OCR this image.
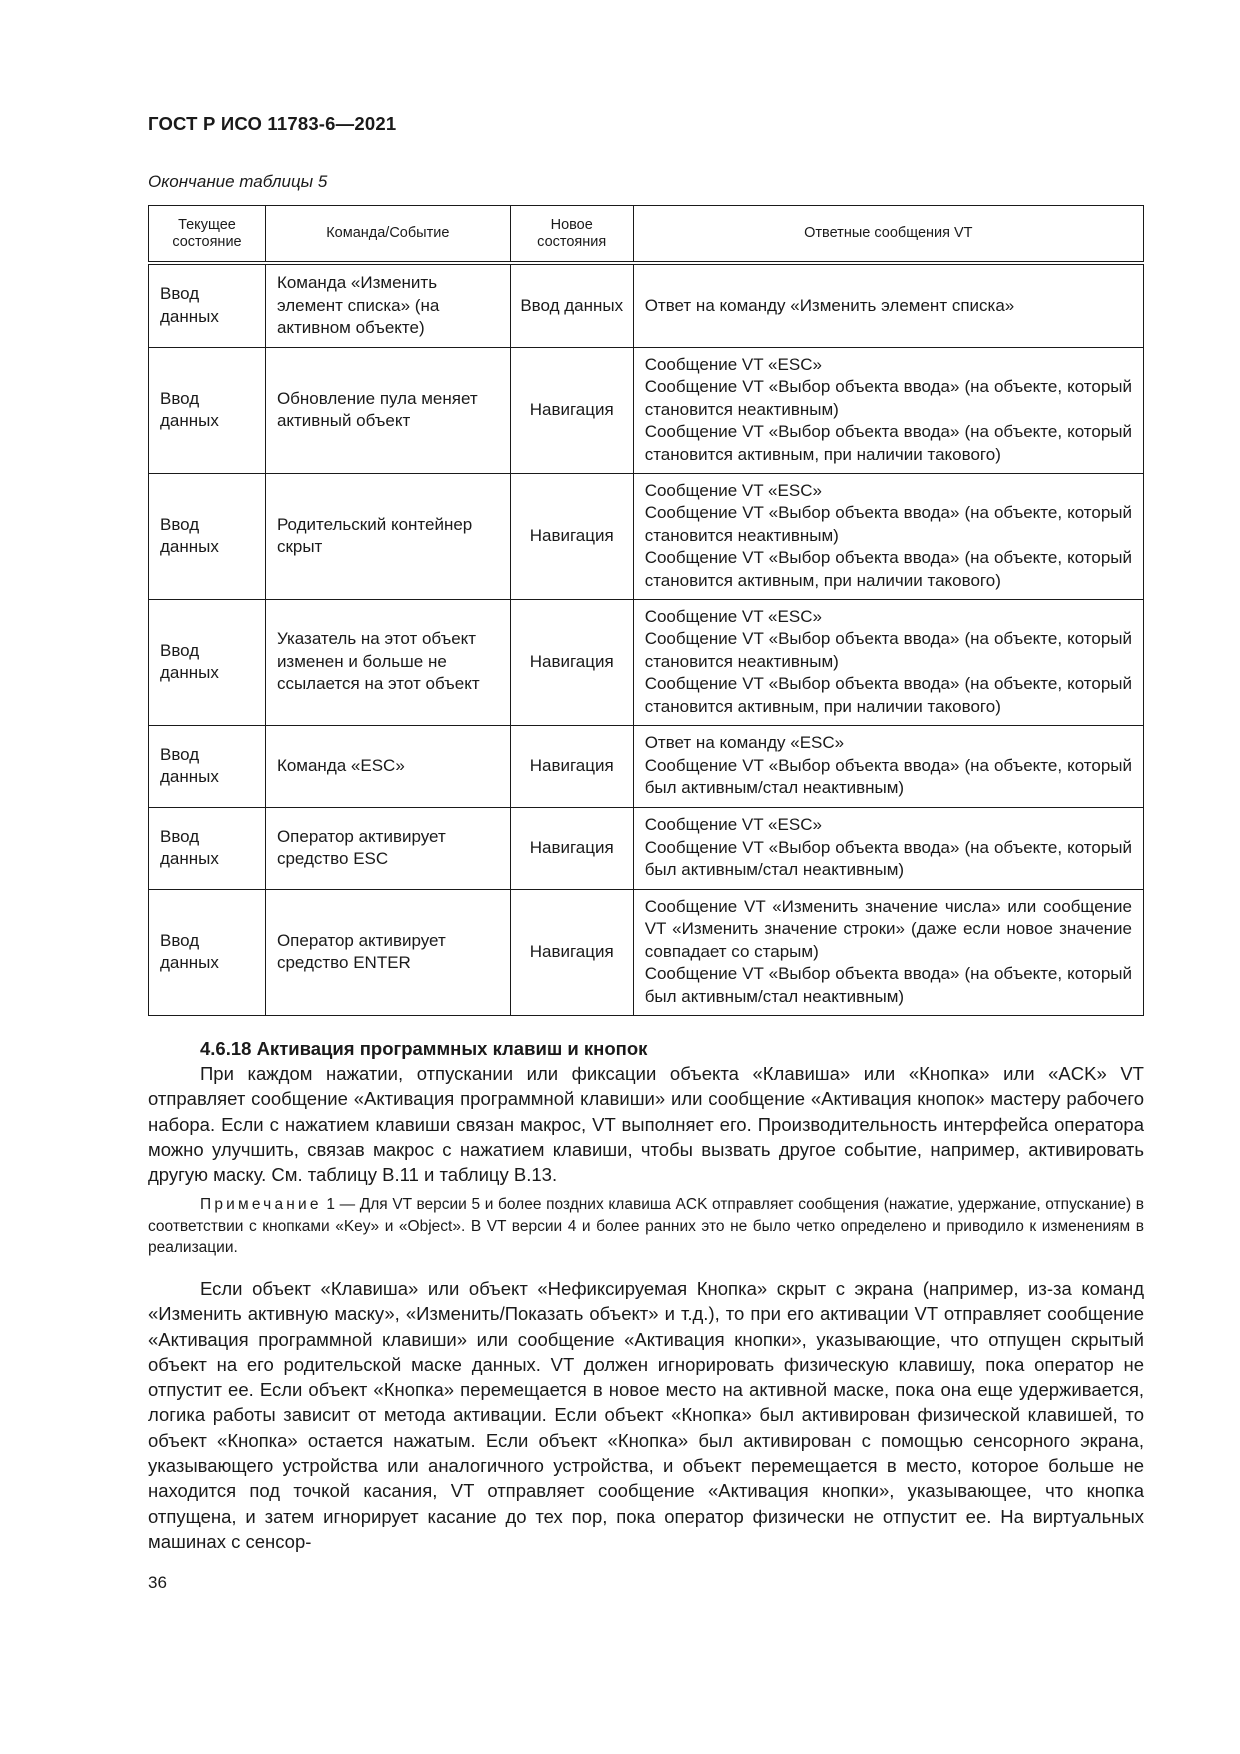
ГОСТ Р ИСО 11783-6—2021
Окончание таблицы 5
Текущее состояние	Команда/Событие	Новое состояния	Ответные сообщения VT
Ввод данных	Команда «Изменить элемент списка» (на активном объекте)	Ввод данных	Ответ на команду «Изменить элемент списка»

Ввод данных	Обновление пула меняет активный объект	Навигация	Сообщение VT «ESC»
Сообщение VT «Выбор объекта ввода» (на объекте, который становится неактивным)
Сообщение VT «Выбор объекта ввода» (на объекте, который становится активным, при наличии такового)

Ввод данных	Родительский контейнер скрыт	Навигация	Сообщение VT «ESC»
Сообщение VT «Выбор объекта ввода» (на объекте, который становится неактивным)
Сообщение VT «Выбор объекта ввода» (на объекте, который становится активным, при наличии такового)

Ввод данных	Указатель на этот объект изменен и больше не ссылается на этот объект	Навигация	Сообщение VT «ESC»
Сообщение VT «Выбор объекта ввода» (на объекте, который становится неактивным)
Сообщение VT «Выбор объекта ввода» (на объекте, который становится активным, при наличии такового)

Ввод данных	Команда «ESC»	Навигация	Ответ на команду «ESC»
Сообщение VT «Выбор объекта ввода» (на объекте, который был активным/стал неактивным)

Ввод данных	Оператор активирует средство ESC	Навигация	Сообщение VT «ESC»
Сообщение VT «Выбор объекта ввода» (на объекте, который был активным/стал неактивным)

Ввод данных	Оператор активирует средство ENTER	Навигация	Сообщение VT «Изменить значение числа» или сообщение VT «Изменить значение строки» (даже если новое значение совпадает со старым)
Сообщение VT «Выбор объекта ввода» (на объекте, который был активным/стал неактивным)
4.6.18 Активация программных клавиш и кнопок
При каждом нажатии, отпускании или фиксации объекта «Клавиша» или «Кнопка» или «ACK» VT отправляет сообщение «Активация программной клавиши» или сообщение «Активация кнопок» мастеру рабочего набора. Если с нажатием клавиши связан макрос, VT выполняет его. Производительность интерфейса оператора можно улучшить, связав макрос с нажатием клавиши, чтобы вызвать другое событие, например, активировать другую маску. См. таблицу В.11 и таблицу В.13.
Примечание 1 — Для VT версии 5 и более поздних клавиша ACK отправляет сообщения (нажатие, удержание, отпускание) в соответствии с кнопками «Key» и «Object». В VT версии 4 и более ранних это не было четко определено и приводило к изменениям в реализации.
Если объект «Клавиша» или объект «Нефиксируемая Кнопка» скрыт с экрана (например, из-за команд «Изменить активную маску», «Изменить/Показать объект» и т.д.), то при его активации VT отправляет сообщение «Активация программной клавиши» или сообщение «Активация кнопки», указывающие, что отпущен скрытый объект на его родительской маске данных. VT должен игнорировать физическую клавишу, пока оператор не отпустит ее. Если объект «Кнопка» перемещается в новое место на активной маске, пока она еще удерживается, логика работы зависит от метода активации. Если объект «Кнопка» был активирован физической клавишей, то объект «Кнопка» остается нажатым. Если объект «Кнопка» был активирован с помощью сенсорного экрана, указывающего устройства или аналогичного устройства, и объект перемещается в место, которое больше не находится под точкой касания, VT отправляет сообщение «Активация кнопки», указывающее, что кнопка отпущена, и затем игнорирует касание до тех пор, пока оператор физически не отпустит ее. На виртуальных машинах с сенсор-
36
